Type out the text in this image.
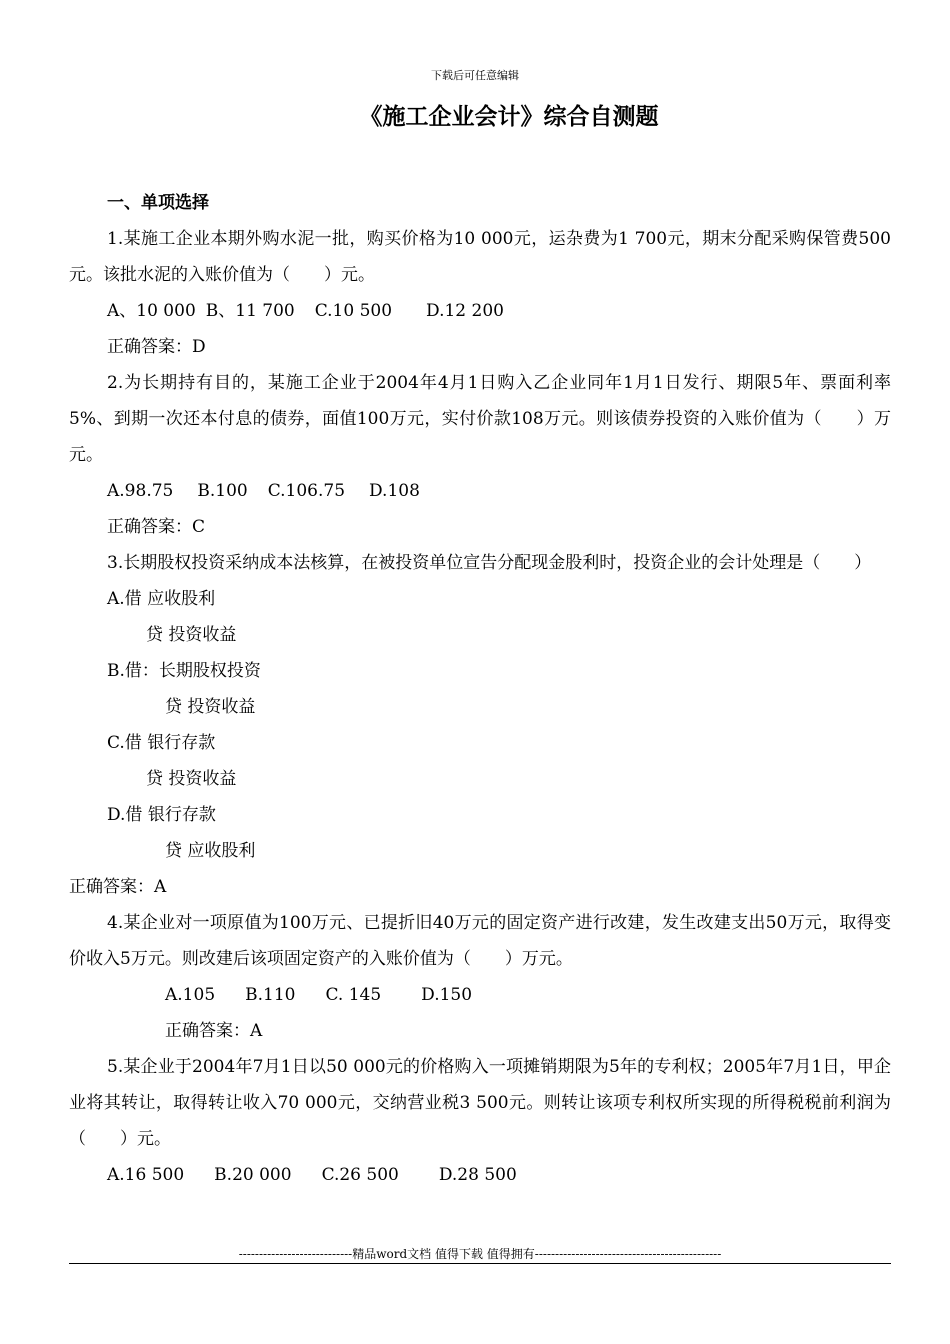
下载后可任意编辑
《施工企业会计》综合自测题
一、单项选择
1.某施工企业本期外购水泥一批，购买价格为10 000元，运杂费为1 700元，期末分配采购保管费500元。该批水泥的入账价值为（　　）元。
A、10 000 B、11 700 C.10 500 D.12 200
正确答案：D
2.为长期持有目的，某施工企业于2004年4月1日购入乙企业同年1月1日发行、期限5年、票面利率5%、到期一次还本付息的债券，面值100万元，实付价款108万元。则该债券投资的入账价值为（　　）万元。
A.98.75 B.100 C.106.75 D.108
正确答案：C
3.长期股权投资采纳成本法核算，在被投资单位宣告分配现金股利时，投资企业的会计处理是（　　）
A.借 应收股利
贷 投资收益
B.借：长期股权投资
贷 投资收益
C.借 银行存款
贷 投资收益
D.借 银行存款
贷 应收股利
正确答案：A
4.某企业对一项原值为100万元、已提折旧40万元的固定资产进行改建，发生改建支出50万元，取得变价收入5万元。则改建后该项固定资产的入账价值为（　　）万元。
A.105 B.110 C. 145 D.150
正确答案：A
5.某企业于2004年7月1日以50 000元的价格购入一项摊销期限为5年的专利权；2005年7月1日，甲企业将其转让，取得转让收入70 000元，交纳营业税3 500元。则转让该项专利权所实现的所得税税前利润为（　　）元。
A.16 500 B.20 000 C.26 500 D.28 500
----------------------------精品word文档 值得下载 值得拥有----------------------------------------------
